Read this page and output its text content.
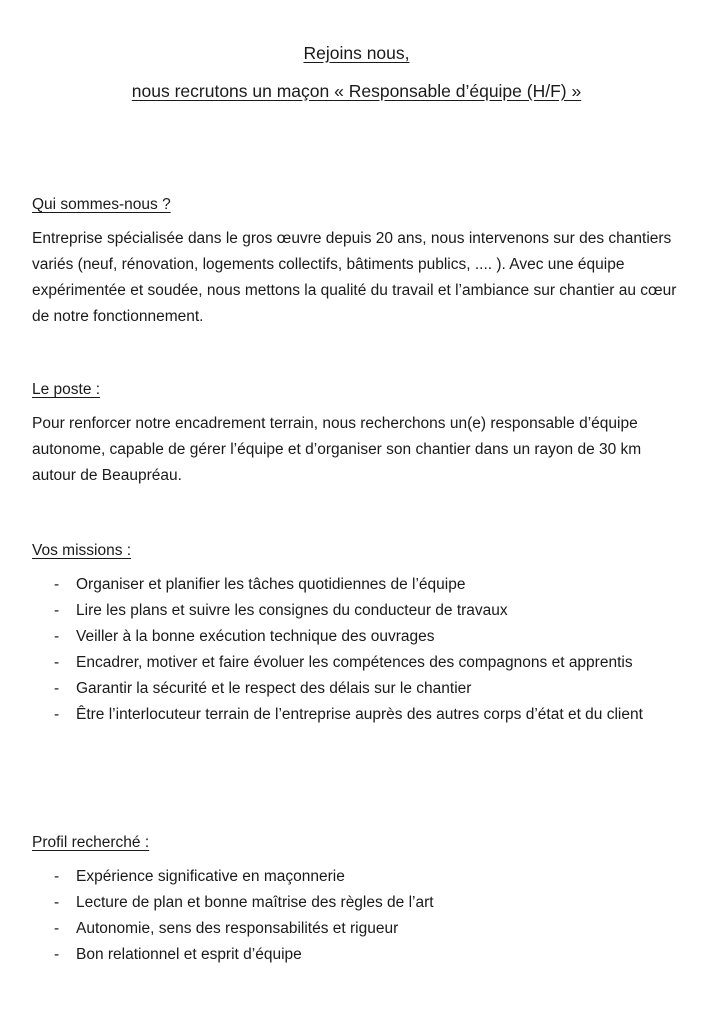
Rejoins nous,
nous recrutons un maçon « Responsable d’équipe (H/F) »
Qui sommes-nous ?

Entreprise spécialisée dans le gros œuvre depuis 20 ans, nous intervenons sur des chantiers variés (neuf, rénovation, logements collectifs, bâtiments publics, .... ). Avec une équipe expérimentée et soudée, nous mettons la qualité du travail et l’ambiance sur chantier au cœur de notre fonctionnement.

Le poste :

Pour renforcer notre encadrement terrain, nous recherchons un(e) responsable d’équipe autonome, capable de gérer l’équipe et d’organiser son chantier dans un rayon de 30 km autour de Beaupréau.

Vos missions :
- Organiser et planifier les tâches quotidiennes de l’équipe
- Lire les plans et suivre les consignes du conducteur de travaux
- Veiller à la bonne exécution technique des ouvrages
- Encadrer, motiver et faire évoluer les compétences des compagnons et apprentis
- Garantir la sécurité et le respect des délais sur le chantier
- Être l’interlocuteur terrain de l’entreprise auprès des autres corps d’état et du client
Profil recherché :
- Expérience significative en maçonnerie
- Lecture de plan et bonne maîtrise des règles de l’art
- Autonomie, sens des responsabilités et rigueur
- Bon relationnel et esprit d’équipe
